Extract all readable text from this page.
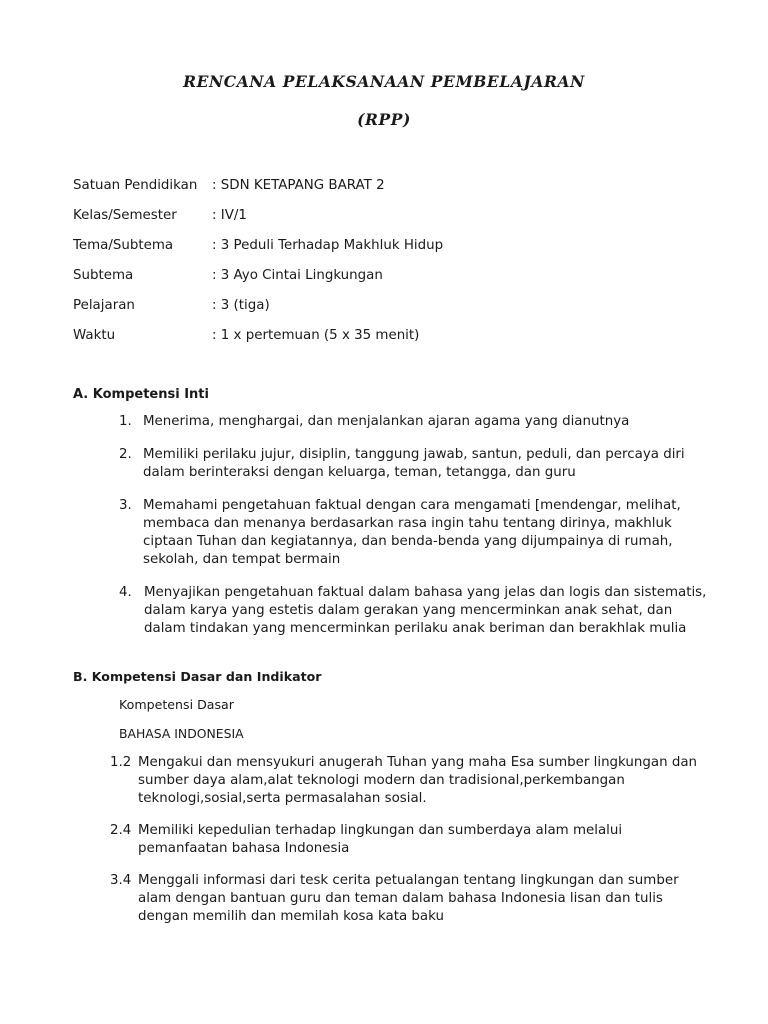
RENCANA PELAKSANAAN PEMBELAJARAN
(RPP)
Satuan Pendidikan	: SDN KETAPANG BARAT 2
Kelas/Semester	: IV/1
Tema/Subtema	: 3 Peduli Terhadap Makhluk Hidup
Subtema	: 3 Ayo Cintai Lingkungan
Pelajaran	: 3 (tiga)
Waktu	: 1 x pertemuan (5 x 35 menit)
A. Kompetensi Inti
1. Menerima, menghargai, dan menjalankan ajaran agama yang dianutnya
2. Memiliki perilaku jujur, disiplin, tanggung jawab, santun, peduli, dan percaya diri dalam berinteraksi dengan keluarga, teman, tetangga, dan guru
3. Memahami pengetahuan faktual dengan cara mengamati [mendengar, melihat, membaca dan menanya berdasarkan rasa ingin tahu tentang dirinya, makhluk ciptaan Tuhan dan kegiatannya, dan benda-benda yang dijumpainya di rumah, sekolah, dan tempat bermain
4. Menyajikan pengetahuan faktual dalam bahasa yang jelas dan logis dan sistematis, dalam karya yang estetis dalam gerakan yang mencerminkan anak sehat, dan dalam tindakan yang mencerminkan perilaku anak beriman dan berakhlak mulia
B. Kompetensi Dasar dan Indikator
Kompetensi Dasar
BAHASA INDONESIA
1.2 Mengakui dan mensyukuri anugerah Tuhan yang maha Esa sumber lingkungan dan sumber daya alam,alat teknologi modern dan tradisional,perkembangan teknologi,sosial,serta permasalahan sosial.
2.4 Memiliki kepedulian terhadap lingkungan dan sumberdaya alam melalui pemanfaatan bahasa Indonesia
3.4 Menggali informasi dari tesk cerita petualangan tentang lingkungan dan sumber alam dengan bantuan guru dan teman dalam bahasa Indonesia lisan dan tulis dengan memilih dan memilah kosa kata baku
